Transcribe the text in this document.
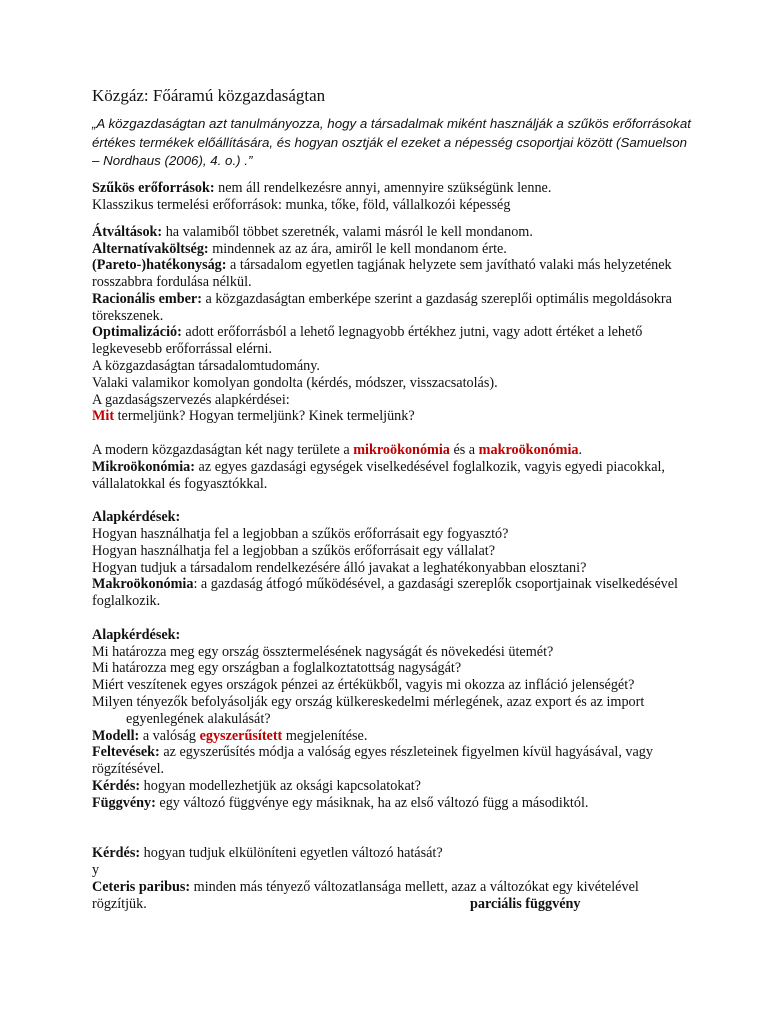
Közgáz: Főáramú közgazdaságtan
„A közgazdaságtan azt tanulmányozza, hogy a társadalmak miként használják a szűkös erőforrásokat értékes termékek előállítására, és hogyan osztják el ezeket a népesség csoportjai között (Samuelson – Nordhaus (2006), 4. o.) .”

Szűkös erőforrások: nem áll rendelkezésre annyi, amennyire szükségünk lenne.

Klasszikus termelési erőforrások: munka, tőke, föld, vállalkozói képesség

Átváltások: ha valamiből többet szeretnék, valami másról le kell mondanom.

Alternatívaköltség: mindennek az az ára, amiről le kell mondanom érte.

(Pareto-)hatékonyság: a társadalom egyetlen tagjának helyzete sem javítható valaki más helyzetének rosszabbra fordulása nélkül.

Racionális ember: a közgazdaságtan emberképe szerint a gazdaság szereplői optimális megoldásokra törekszenek.

Optimalizáció: adott erőforrásból a lehető legnagyobb értékhez jutni, vagy adott értéket a lehető legkevesebb erőforrással elérni.

A közgazdaságtan társadalomtudomány.

Valaki valamikor komolyan gondolta (kérdés, módszer, visszacsatolás).

A gazdaságszervezés alapkérdései:

Mit termeljünk? Hogyan termeljünk? Kinek termeljünk?

A modern közgazdaságtan két nagy területe a mikroökonómia és a makroökonómia.

Mikroökonómia: az egyes gazdasági egységek viselkedésével foglalkozik, vagyis egyedi piacokkal, vállalatokkal és fogyasztókkal.

Alapkérdések:

Hogyan használhatja fel a legjobban a szűkös erőforrásait egy fogyasztó?

Hogyan használhatja fel a legjobban a szűkös erőforrásait egy vállalat?

Hogyan tudjuk a társadalom rendelkezésére álló javakat a leghatékonyabban elosztani?

Makroökonómia: a gazdaság átfogó működésével, a gazdasági szereplők csoportjainak viselkedésével foglalkozik.

Alapkérdések:

Mi határozza meg egy ország össztermelésének nagyságát és növekedési ütemét?

Mi határozza meg egy országban a foglalkoztatottság nagyságát?

Miért veszítenek egyes országok pénzei az értékükből, vagyis mi okozza az infláció jelenségét?

Milyen tényezők befolyásolják egy ország külkereskedelmi mérlegének, azaz export és az import egyenlegének alakulását?

Modell: a valóság egyszerűsített megjelenítése.

Feltevések: az egyszerűsítés módja a valóság egyes részleteinek figyelmen kívül hagyásával, vagy rögzítésével.

Kérdés: hogyan modellezhetjük az oksági kapcsolatokat?

Függvény: egy változó függvénye egy másiknak, ha az első változó függ a másodiktól.

Kérdés: hogyan tudjuk elkülöníteni egyetlen változó hatását?

y

Ceteris paribus: minden más tényező változatlansága mellett, azaz a változókat egy kivételével rögzítjük.	parciális függvény
